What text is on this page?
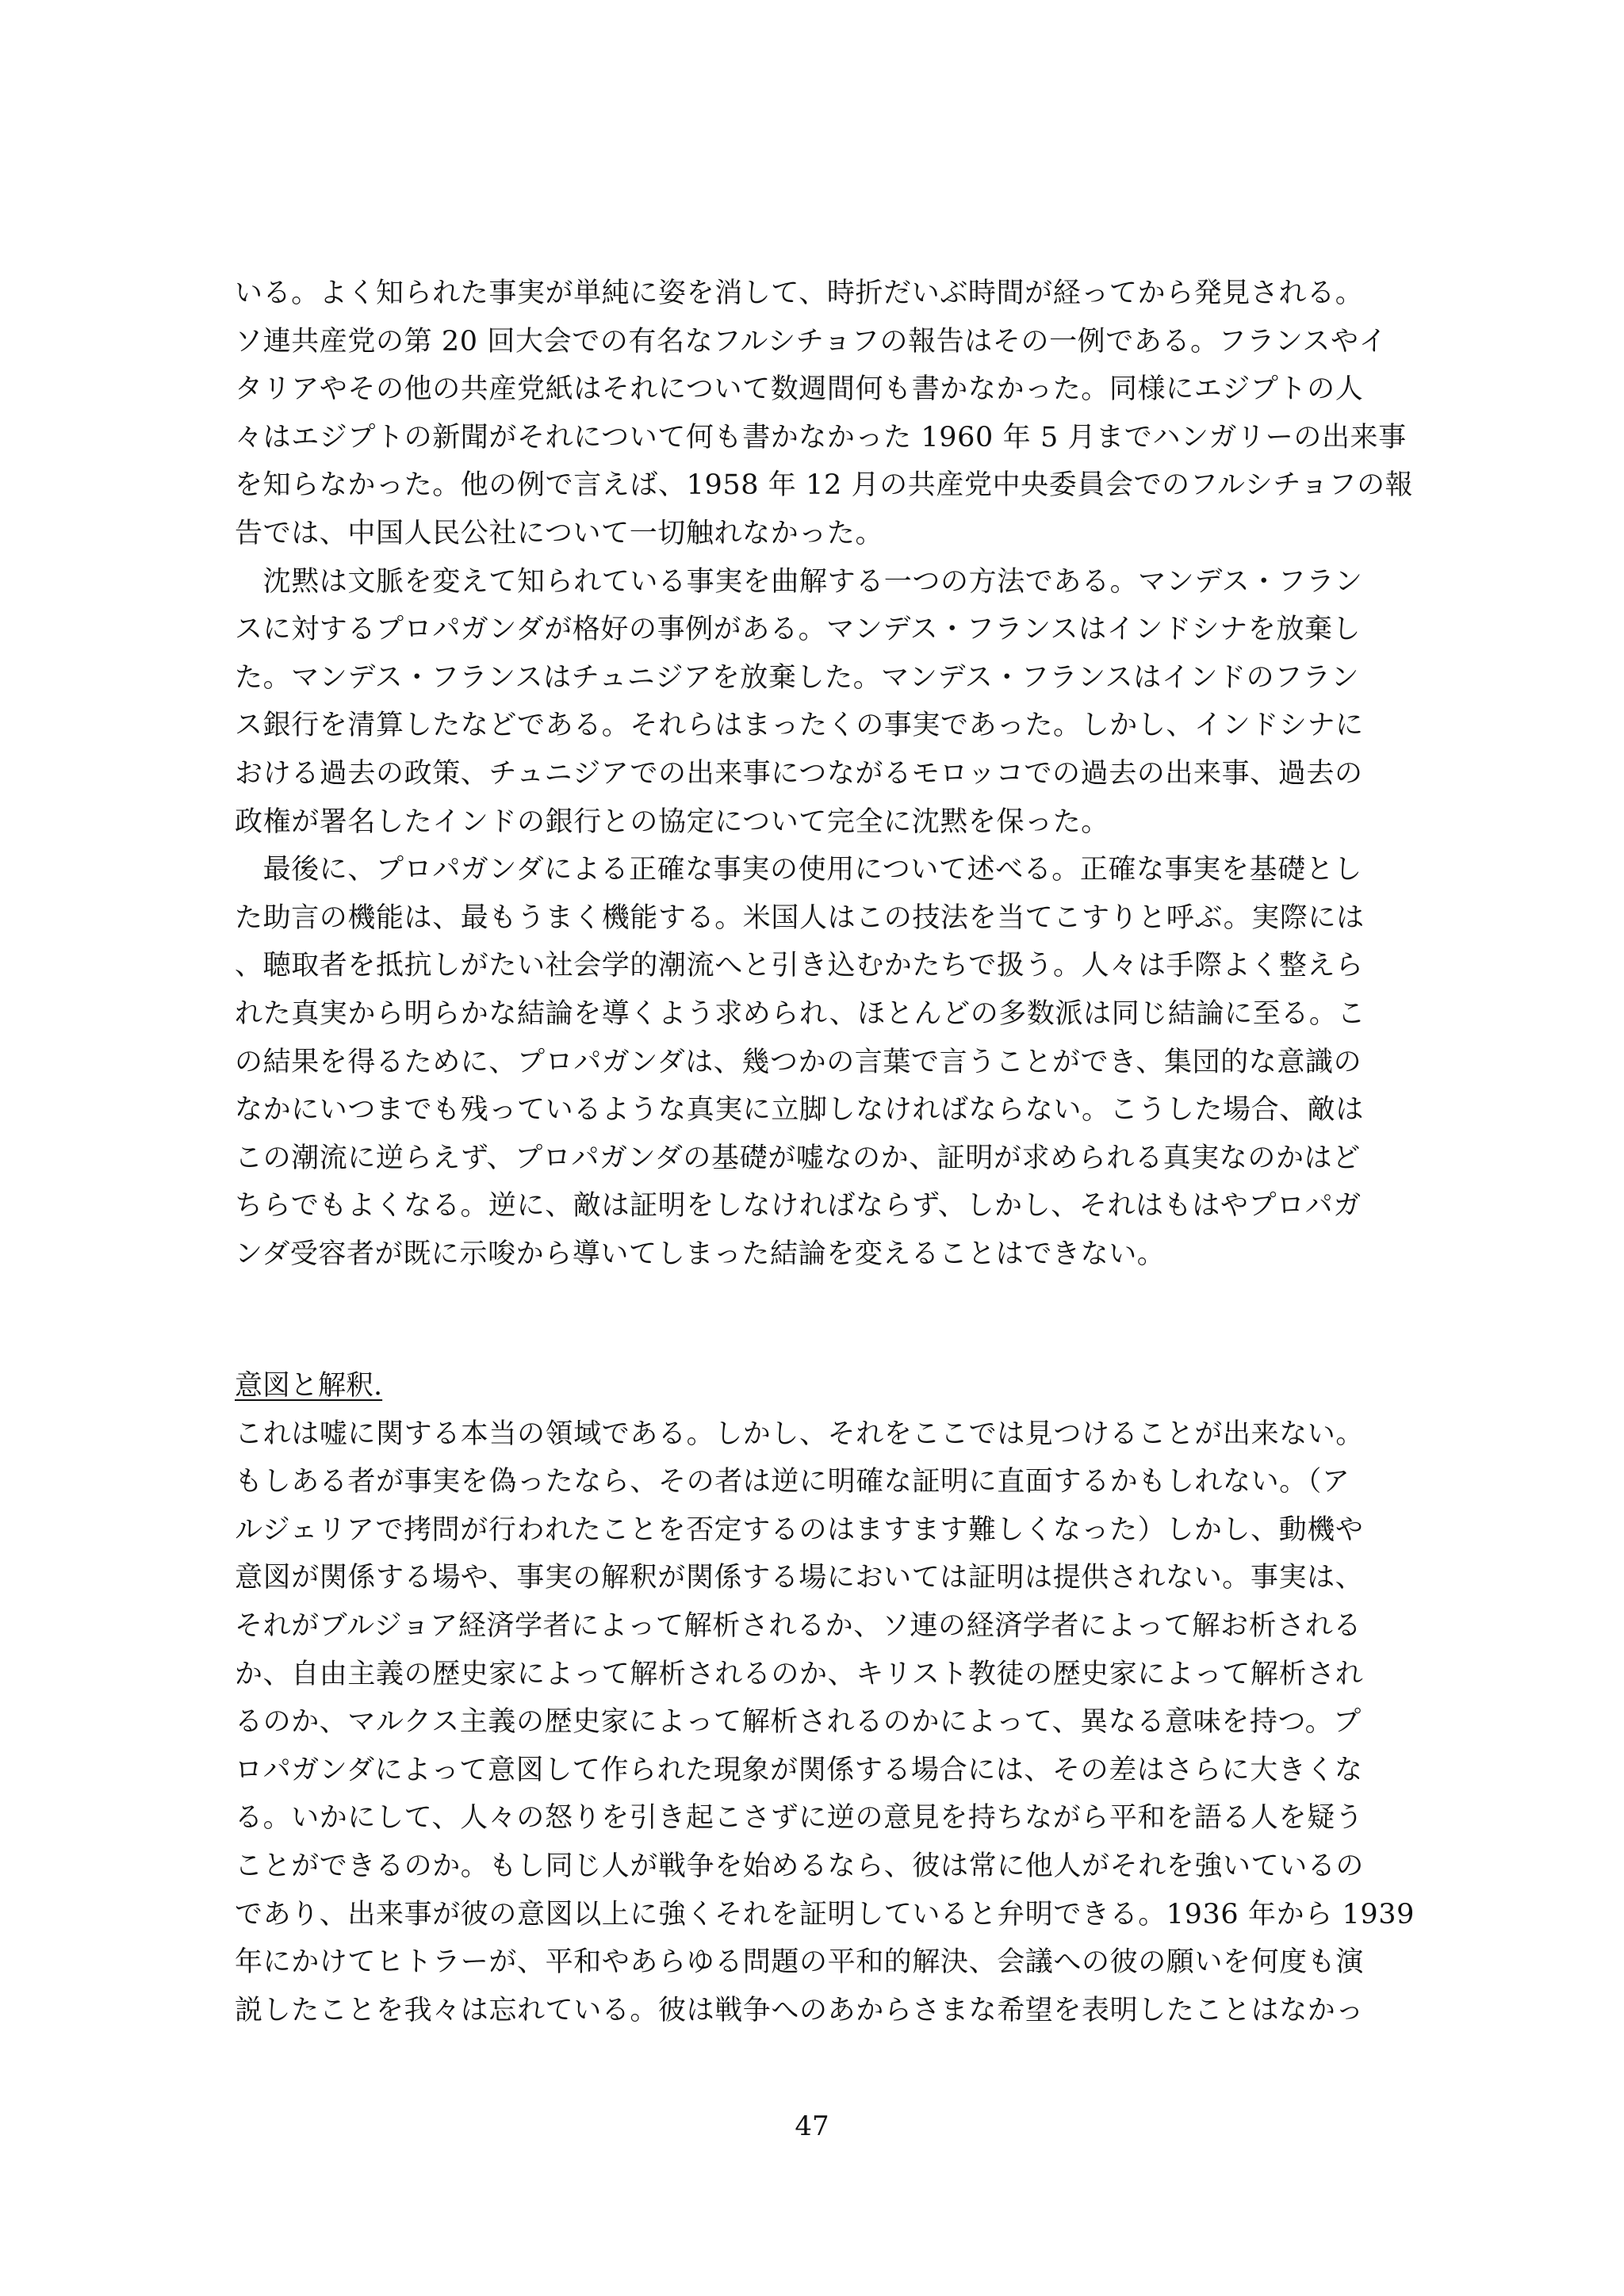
いる。よく知られた事実が単純に姿を消して、時折だいぶ時間が経ってから発見される。
ソ連共産党の第 20 回大会での有名なフルシチョフの報告はその一例である。フランスやイ
タリアやその他の共産党紙はそれについて数週間何も書かなかった。同様にエジプトの人
々はエジプトの新聞がそれについて何も書かなかった 1960 年 5 月までハンガリーの出来事
を知らなかった。他の例で言えば、1958 年 12 月の共産党中央委員会でのフルシチョフの報
告では、中国人民公社について一切触れなかった。
　沈黙は文脈を変えて知られている事実を曲解する一つの方法である。マンデス・フラン
スに対するプロパガンダが格好の事例がある。マンデス・フランスはインドシナを放棄し
た。マンデス・フランスはチュニジアを放棄した。マンデス・フランスはインドのフラン
ス銀行を清算したなどである。それらはまったくの事実であった。しかし、インドシナに
おける過去の政策、チュニジアでの出来事につながるモロッコでの過去の出来事、過去の
政権が署名したインドの銀行との協定について完全に沈黙を保った。
　最後に、プロパガンダによる正確な事実の使用について述べる。正確な事実を基礎とし
た助言の機能は、最もうまく機能する。米国人はこの技法を当てこすりと呼ぶ。実際には
、聴取者を抵抗しがたい社会学的潮流へと引き込むかたちで扱う。人々は手際よく整えら
れた真実から明らかな結論を導くよう求められ、ほとんどの多数派は同じ結論に至る。こ
の結果を得るために、プロパガンダは、幾つかの言葉で言うことができ、集団的な意識の
なかにいつまでも残っているような真実に立脚しなければならない。こうした場合、敵は
この潮流に逆らえず、プロパガンダの基礎が嘘なのか、証明が求められる真実なのかはど
ちらでもよくなる。逆に、敵は証明をしなければならず、しかし、それはもはやプロパガ
ンダ受容者が既に示唆から導いてしまった結論を変えることはできない。
意図と解釈.
これは嘘に関する本当の領域である。しかし、それをここでは見つけることが出来ない。
もしある者が事実を偽ったなら、その者は逆に明確な証明に直面するかもしれない。（ア
ルジェリアで拷問が行われたことを否定するのはますます難しくなった）しかし、動機や
意図が関係する場や、事実の解釈が関係する場においては証明は提供されない。事実は、
それがブルジョア経済学者によって解析されるか、ソ連の経済学者によって解お析される
か、自由主義の歴史家によって解析されるのか、キリスト教徒の歴史家によって解析され
るのか、マルクス主義の歴史家によって解析されるのかによって、異なる意味を持つ。プ
ロパガンダによって意図して作られた現象が関係する場合には、その差はさらに大きくな
る。いかにして、人々の怒りを引き起こさずに逆の意見を持ちながら平和を語る人を疑う
ことができるのか。もし同じ人が戦争を始めるなら、彼は常に他人がそれを強いているの
であり、出来事が彼の意図以上に強くそれを証明していると弁明できる。1936 年から 1939
年にかけてヒトラーが、平和やあらゆる問題の平和的解決、会議への彼の願いを何度も演
説したことを我々は忘れている。彼は戦争へのあからさまな希望を表明したことはなかっ
47
